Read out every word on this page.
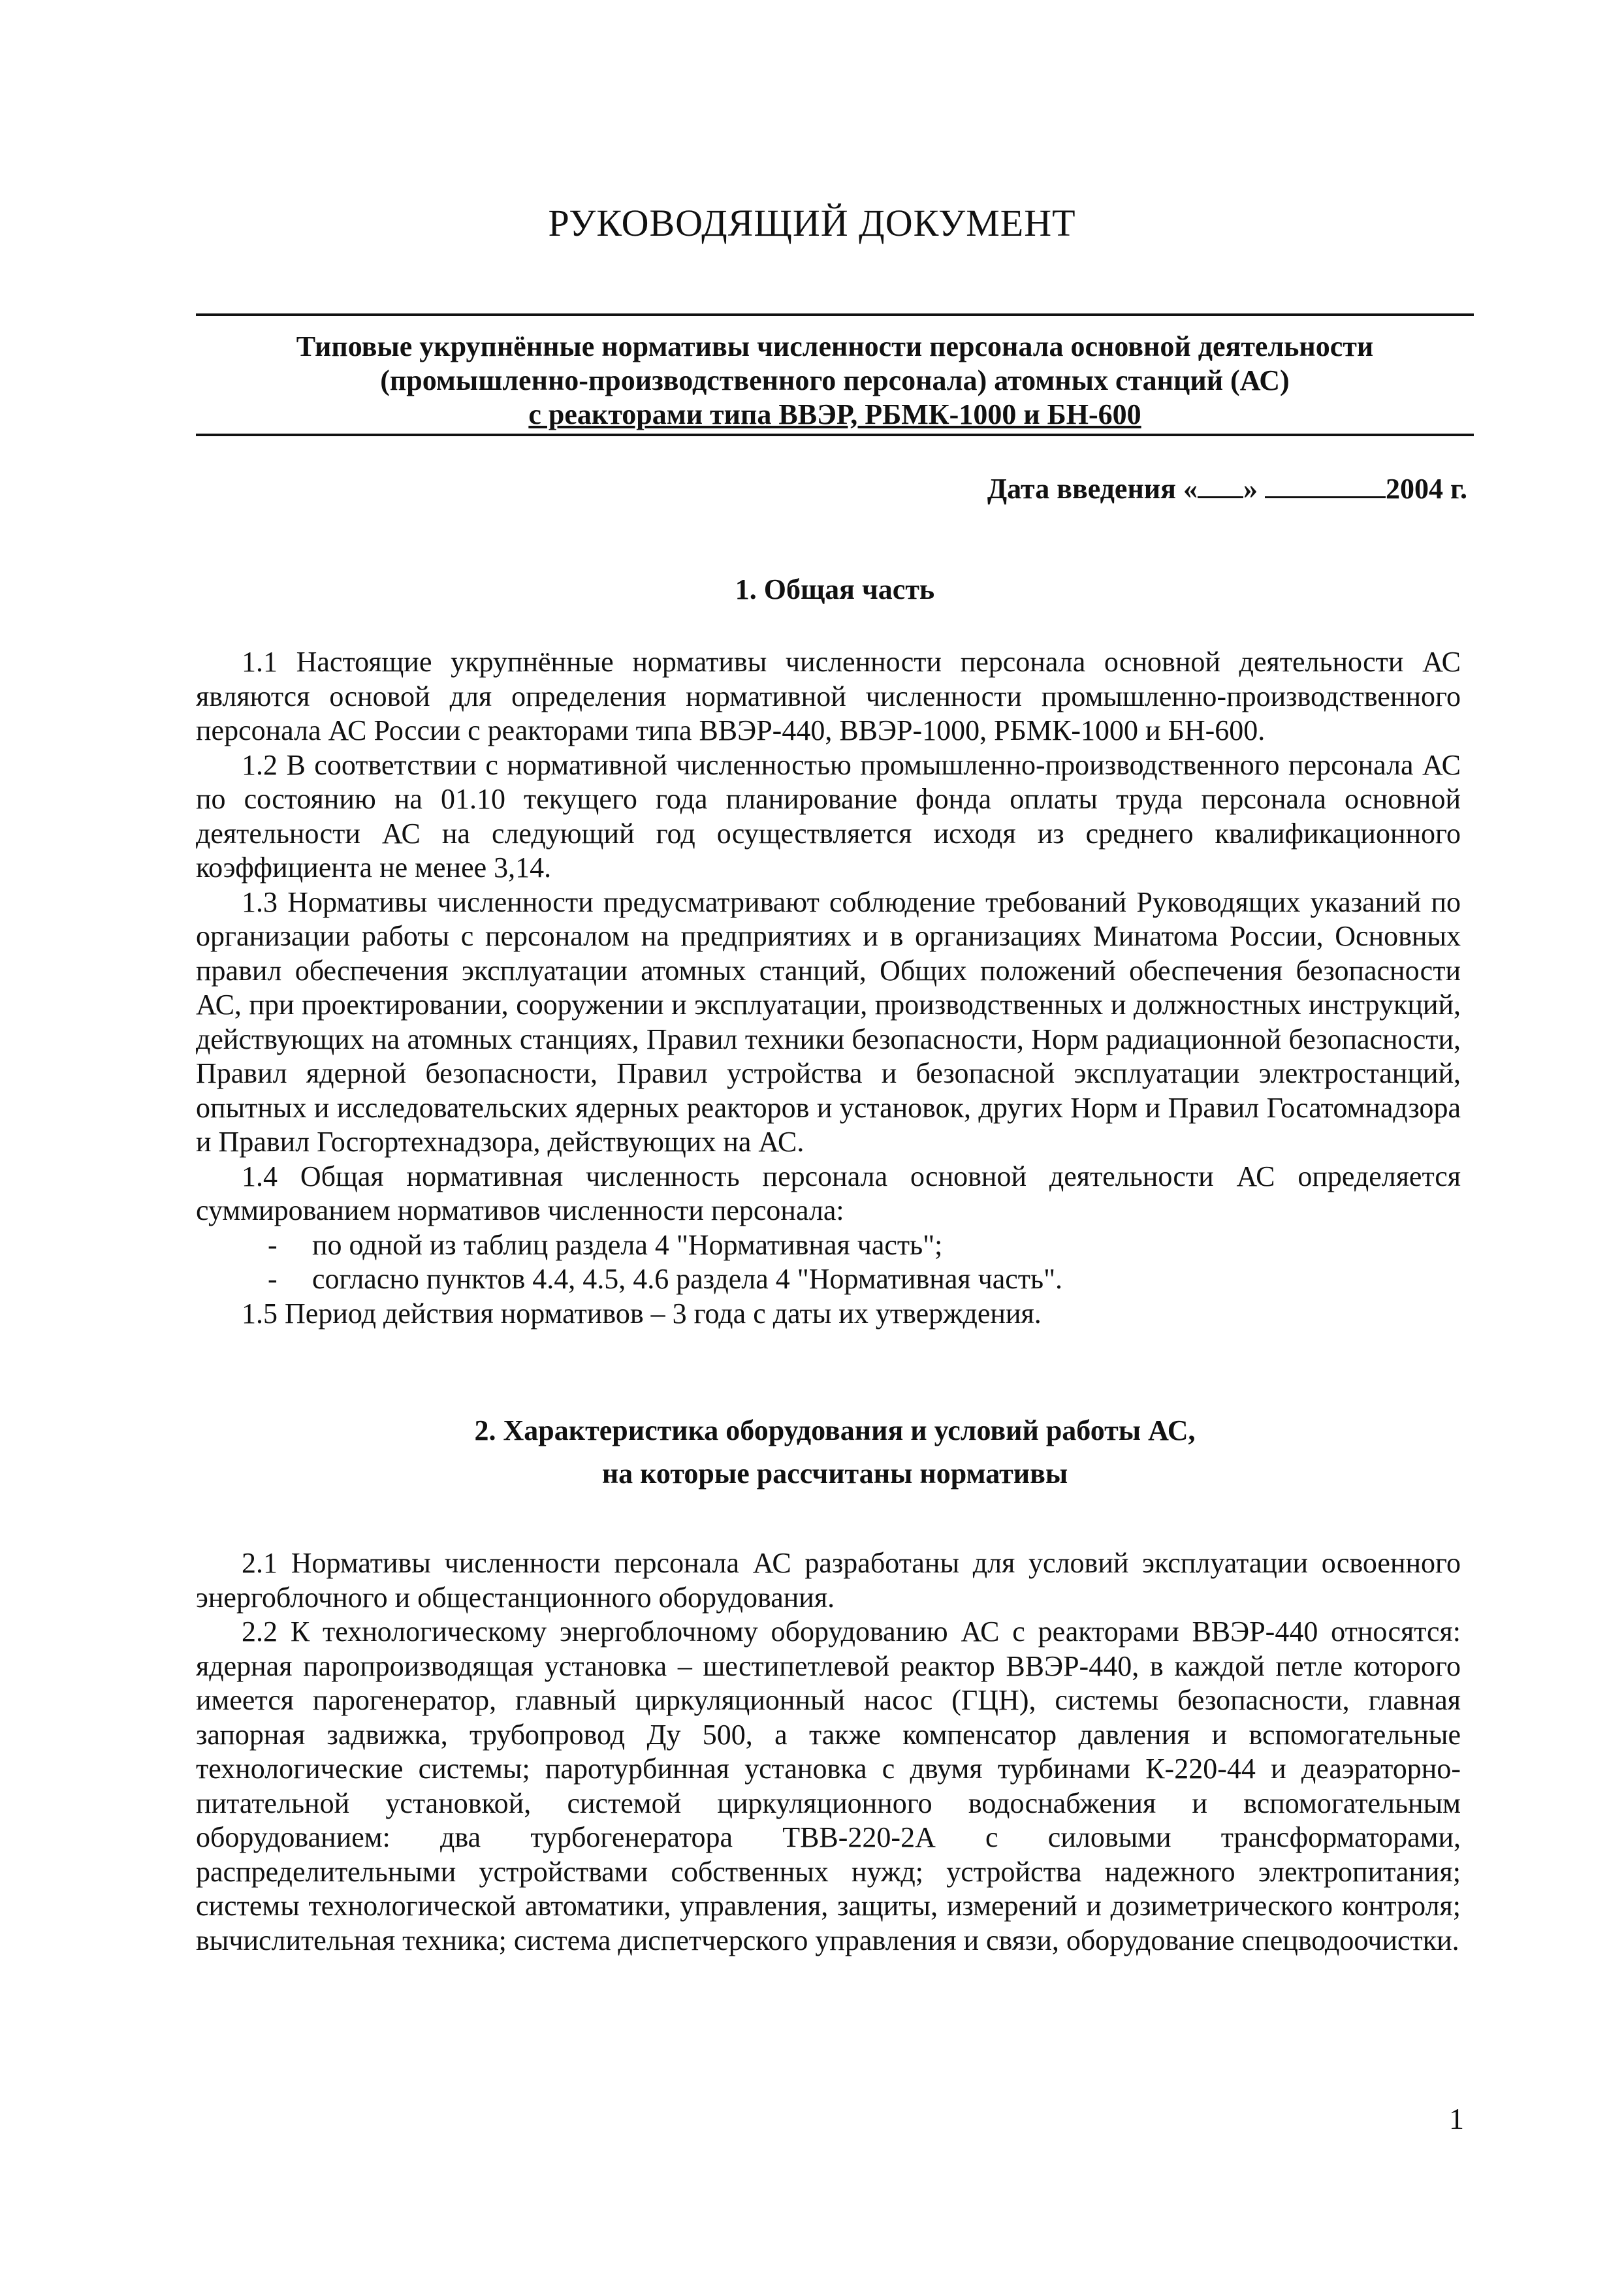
РУКОВОДЯЩИЙ ДОКУМЕНТ
Типовые укрупнённые нормативы численности персонала основной деятельности
(промышленно-производственного персонала) атомных станций (АС)
с реакторами типа ВВЭР, РБМК-1000 и БН-600
Дата введения « »	2004 г.
1. Общая часть

1.1 Настоящие укрупнённые нормативы численности персонала основной деятельности АС являются основой для определения нормативной численности промышленно-производственного персонала АС России с реакторами типа ВВЭР-440, ВВЭР-1000, РБМК-1000 и БН-600.

1.2 В соответствии с нормативной численностью промышленно-производственного персонала АС по состоянию на 01.10 текущего года планирование фонда оплаты труда персонала основной деятельности АС на следующий год осуществляется исходя из среднего квалификационного коэффициента не менее 3,14.

1.3 Нормативы численности предусматривают соблюдение требований Руководящих указаний по организации работы с персоналом на предприятиях и в организациях Минатома России, Основных правил обеспечения эксплуатации атомных станций, Общих положений обеспечения безопасности АС, при проектировании, сооружении и эксплуатации, производственных и должностных инструкций, действующих на атомных станциях, Правил техники безопасности, Норм радиационной безопасности, Правил ядерной безопасности, Правил устройства и безопасной эксплуатации электростанций, опытных и исследовательских ядерных реакторов и установок, других Норм и Правил Госатомнадзора и Правил Госгортехнадзора, действующих на АС.

1.4 Общая нормативная численность персонала основной деятельности АС определяется суммированием нормативов численности персонала:

- по одной из таблиц раздела 4 "Нормативная часть";

- согласно пунктов 4.4, 4.5, 4.6 раздела 4 "Нормативная часть".

1.5 Период действия нормативов – 3 года с даты их утверждения.

2. Характеристика оборудования и условий работы АС,
на которые рассчитаны нормативы

2.1 Нормативы численности персонала АС разработаны для условий эксплуатации освоенного энергоблочного и общестанционного оборудования.

2.2 К технологическому энергоблочному оборудованию АС с реакторами ВВЭР-440 относятся: ядерная паропроизводящая установка – шестипетлевой реактор ВВЭР-440, в каждой петле которого имеется парогенератор, главный циркуляционный насос (ГЦН), системы безопасности, главная запорная задвижка, трубопровод Ду 500, а также компенсатор давления и вспомогательные технологические системы; паротурбинная установка с двумя турбинами К-220-44 и деаэраторно-питательной установкой, системой циркуляционного водоснабжения и вспомогательным оборудованием: два турбогенератора ТВВ-220-2А с силовыми трансформаторами, распределительными устройствами собственных нужд; устройства надежного электропитания; системы технологической автоматики, управления, защиты, измерений и дозиметрического контроля; вычислительная техника; система диспетчерского управления и связи, оборудование спецводоочистки.

1
